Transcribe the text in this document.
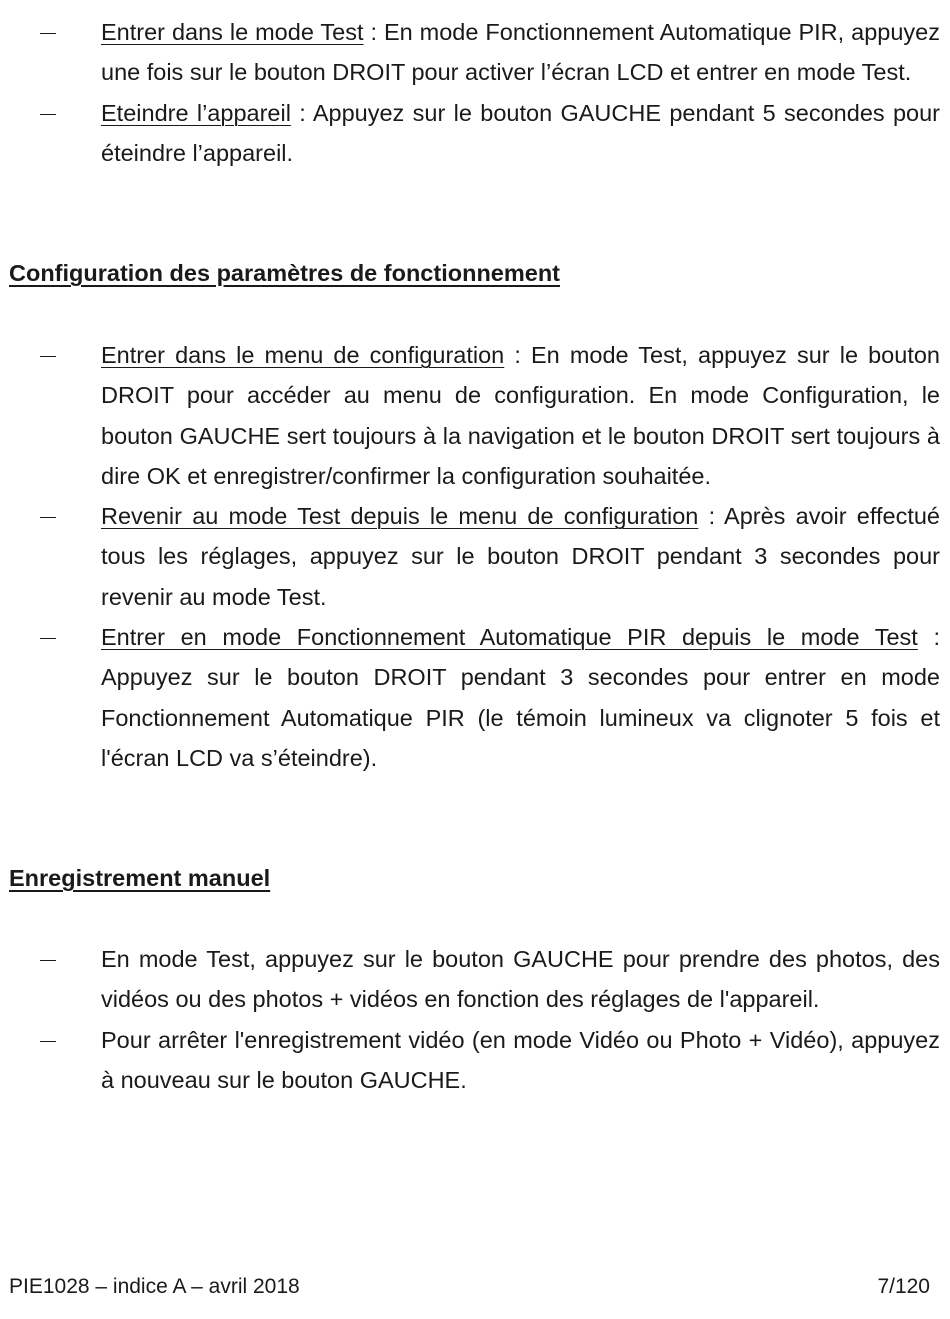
Entrer dans le mode Test : En mode Fonctionnement Automatique PIR, appuyez une fois sur le bouton DROIT pour activer l’écran LCD et entrer en mode Test.
Eteindre l’appareil : Appuyez sur le bouton GAUCHE pendant 5 secondes pour éteindre l’appareil.
Configuration des paramètres de fonctionnement
Entrer dans le menu de configuration : En mode Test, appuyez sur le bouton DROIT pour accéder au menu de configuration. En mode Configuration, le bouton GAUCHE sert toujours à la navigation et le bouton DROIT sert toujours à dire OK et enregistrer/confirmer la configuration souhaitée.
Revenir au mode Test depuis le menu de configuration : Après avoir effectué tous les réglages, appuyez sur le bouton DROIT pendant 3 secondes pour revenir au mode Test.
Entrer en mode Fonctionnement Automatique PIR depuis le mode Test : Appuyez sur le bouton DROIT pendant 3 secondes pour entrer en mode Fonctionnement Automatique PIR (le témoin lumineux va clignoter 5 fois et l'écran LCD va s’éteindre).
Enregistrement manuel
En mode Test, appuyez sur le bouton GAUCHE pour prendre des photos, des vidéos ou des photos + vidéos en fonction des réglages de l'appareil.
Pour arrêter l'enregistrement vidéo (en mode Vidéo ou Photo + Vidéo), appuyez à nouveau sur le bouton GAUCHE.
PIE1028 – indice A – avril 2018	7/120
